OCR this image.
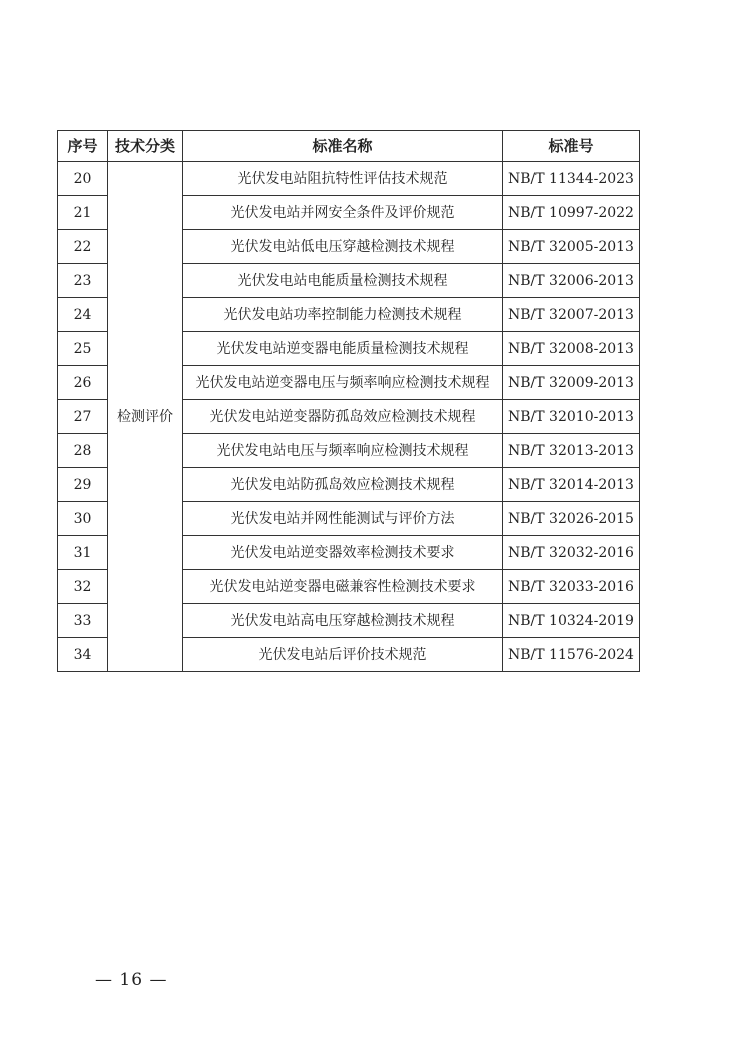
序号	技术分类	标准名称	标准号
20	检测评价	光伏发电站阻抗特性评估技术规范	NB/T 11344-2023
21		光伏发电站并网安全条件及评价规范	NB/T 10997-2022
22		光伏发电站低电压穿越检测技术规程	NB/T 32005-2013
23		光伏发电站电能质量检测技术规程	NB/T 32006-2013
24		光伏发电站功率控制能力检测技术规程	NB/T 32007-2013
25		光伏发电站逆变器电能质量检测技术规程	NB/T 32008-2013
26		光伏发电站逆变器电压与频率响应检测技术规程	NB/T 32009-2013
27		光伏发电站逆变器防孤岛效应检测技术规程	NB/T 32010-2013
28		光伏发电站电压与频率响应检测技术规程	NB/T 32013-2013
29		光伏发电站防孤岛效应检测技术规程	NB/T 32014-2013
30		光伏发电站并网性能测试与评价方法	NB/T 32026-2015
31		光伏发电站逆变器效率检测技术要求	NB/T 32032-2016
32		光伏发电站逆变器电磁兼容性检测技术要求	NB/T 32033-2016
33		光伏发电站高电压穿越检测技术规程	NB/T 10324-2019
34		光伏发电站后评价技术规范	NB/T 11576-2024
— 16 —
